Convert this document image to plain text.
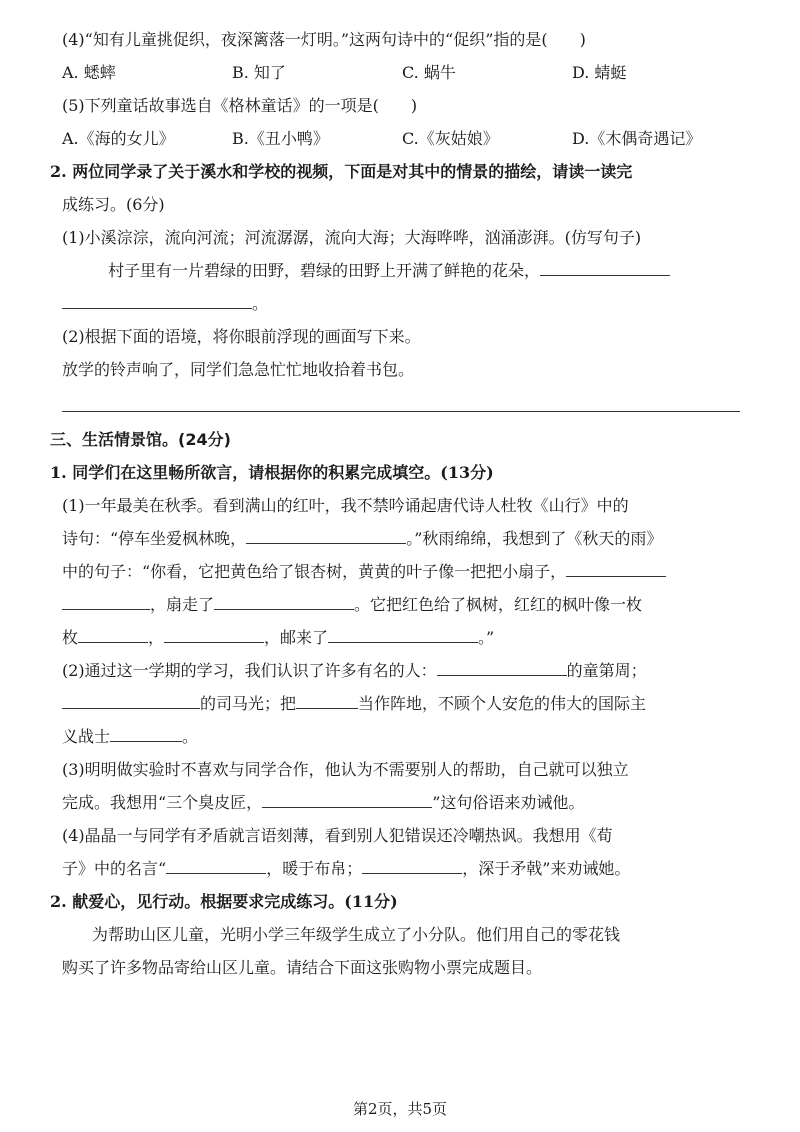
(4)“知有儿童挑促织，夜深篱落一灯明。”这两句诗中的“促织”指的是(　　)

A. 蟋蟀	B. 知了	C. 蜗牛	D. 蜻蜓

(5)下列童话故事选自《格林童话》的一项是(　　)

A.《海的女儿》	B.《丑小鸭》	C.《灰姑娘》	D.《木偶奇遇记》

2. 两位同学录了关于溪水和学校的视频，下面是对其中的情景的描绘，请读一读完

成练习。(6分)

(1)小溪淙淙，流向河流；河流潺潺，流向大海；大海哗哗，汹涌澎湃。(仿写句子)

村子里有一片碧绿的田野，碧绿的田野上开满了鲜艳的花朵，

。

(2)根据下面的语境，将你眼前浮现的画面写下来。

放学的铃声响了，同学们急急忙忙地收拾着书包。

三、生活情景馆。(24分)

1. 同学们在这里畅所欲言，请根据你的积累完成填空。(13分)

(1)一年最美在秋季。看到满山的红叶，我不禁吟诵起唐代诗人杜牧《山行》中的

诗句：“停车坐爱枫林晚，	。”秋雨绵绵，我想到了《秋天的雨》

中的句子：“你看，它把黄色给了银杏树，黄黄的叶子像一把把小扇子，

，扇走了	。它把红色给了枫树，红红的枫叶像一枚

枚	，	，邮来了	。”

(2)通过这一学期的学习，我们认识了许多有名的人：	的童第周；

的司马光；把	当作阵地，不顾个人安危的伟大的国际主

义战士	。

(3)明明做实验时不喜欢与同学合作，他认为不需要别人的帮助，自己就可以独立

完成。我想用“三个臭皮匠，	”这句俗语来劝诫他。

(4)晶晶一与同学有矛盾就言语刻薄，看到别人犯错误还冷嘲热讽。我想用《荀

子》中的名言“	，暖于布帛；	，深于矛戟”来劝诫她。

2. 献爱心，见行动。根据要求完成练习。(11分)

为帮助山区儿童，光明小学三年级学生成立了小分队。他们用自己的零花钱

购买了许多物品寄给山区儿童。请结合下面这张购物小票完成题目。

第2页，共5页
